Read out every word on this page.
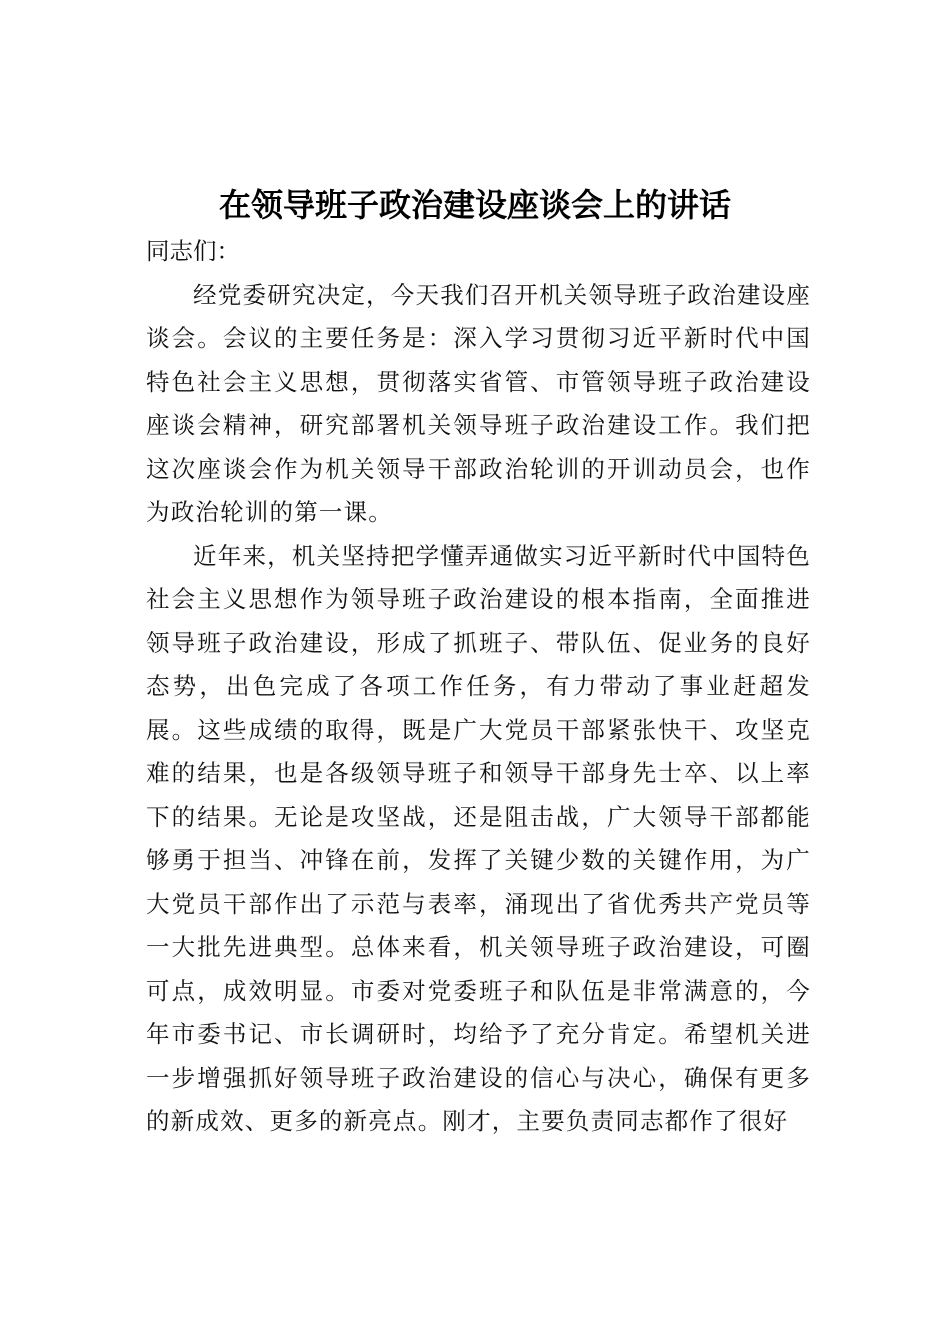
在领导班子政治建设座谈会上的讲话

同志们：

经党委研究决定，今天我们召开机关领导班子政治建设座谈会。会议的主要任务是：深入学习贯彻习近平新时代中国特色社会主义思想，贯彻落实省管、市管领导班子政治建设座谈会精神，研究部署机关领导班子政治建设工作。我们把这次座谈会作为机关领导干部政治轮训的开训动员会，也作为政治轮训的第一课。

近年来，机关坚持把学懂弄通做实习近平新时代中国特色社会主义思想作为领导班子政治建设的根本指南，全面推进领导班子政治建设，形成了抓班子、带队伍、促业务的良好态势，出色完成了各项工作任务，有力带动了事业赶超发展。这些成绩的取得，既是广大党员干部紧张快干、攻坚克难的结果，也是各级领导班子和领导干部身先士卒、以上率下的结果。无论是攻坚战，还是阻击战，广大领导干部都能够勇于担当、冲锋在前，发挥了关键少数的关键作用，为广大党员干部作出了示范与表率，涌现出了省优秀共产党员等一大批先进典型。总体来看，机关领导班子政治建设，可圈可点，成效明显。市委对党委班子和队伍是非常满意的，今年市委书记、市长调研时，均给予了充分肯定。希望机关进一步增强抓好领导班子政治建设的信心与决心，确保有更多的新成效、更多的新亮点。刚才，主要负责同志都作了很好
